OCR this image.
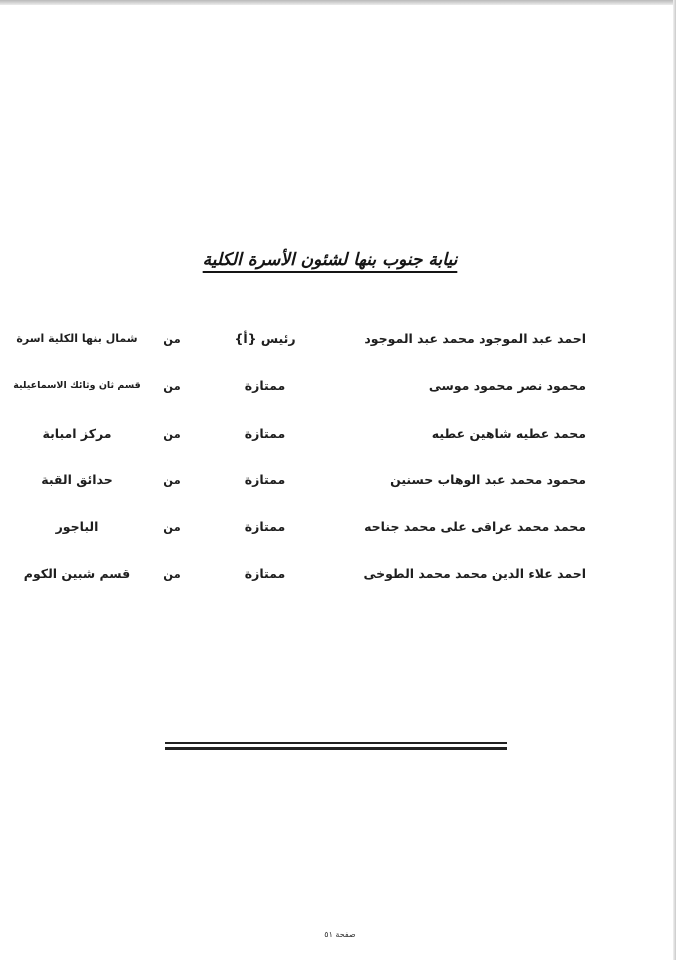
نيابة جنوب بنها لشئون الأسرة الكلية
احمد عبد الموجود محمد عبد الموجود
رئيس {أ}
من
شمال بنها الكلية اسرة
محمود نصر محمود موسى
ممتازة
من
قسم ثان وثائك الاسماعيلية
محمد عطيه شاهين عطيه
ممتازة
من
مركز امبابة
محمود محمد عبد الوهاب حسنين
ممتازة
من
حدائق القبة
محمد محمد عراقى على محمد جناحه
ممتازة
من
الباجور
احمد علاء الدين محمد محمد الطوخى
ممتازة
من
قسم شبين الكوم
صفحة ٥١
